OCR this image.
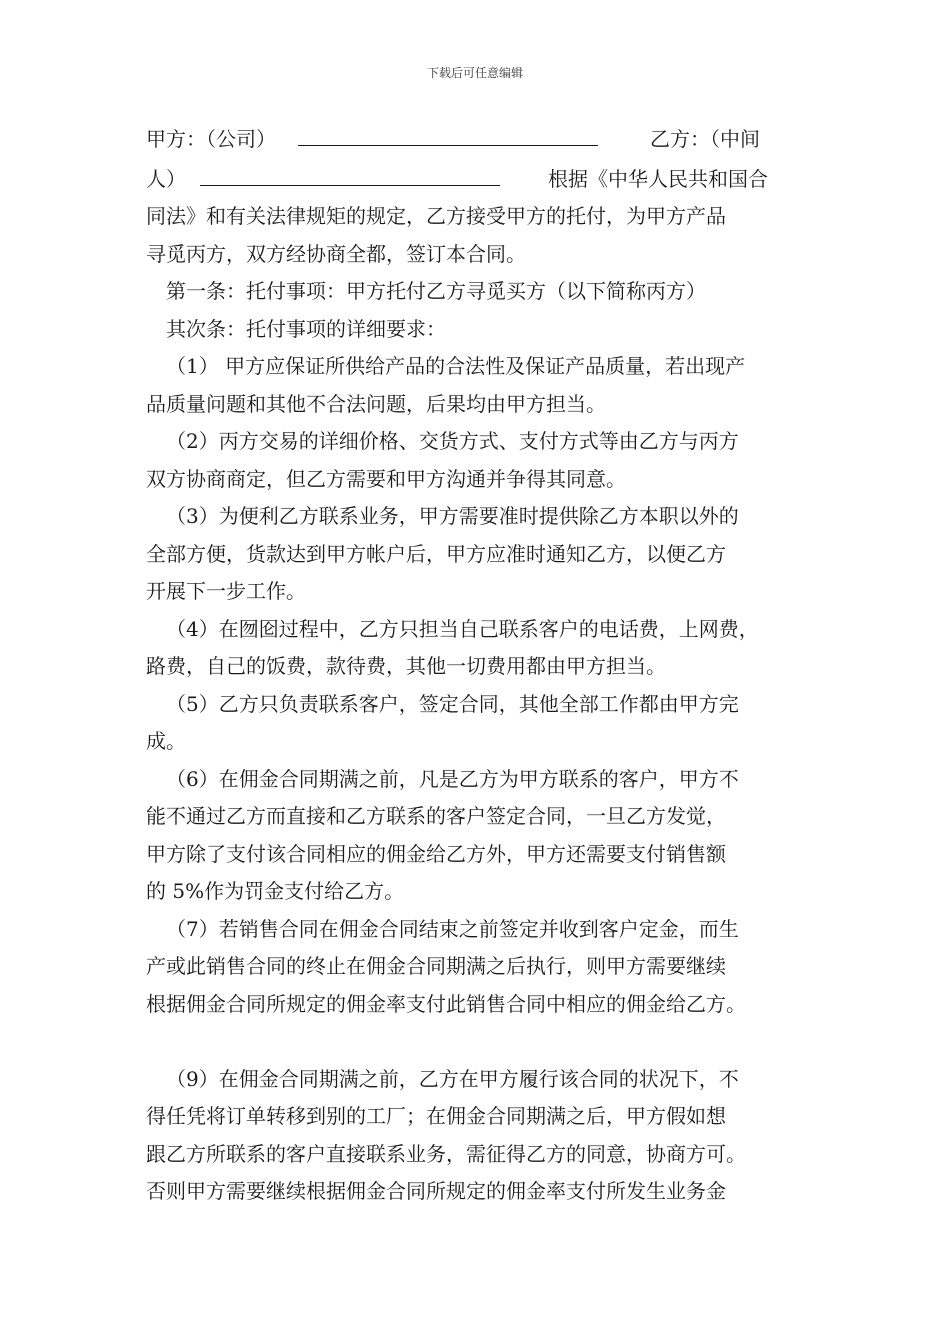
下载后可任意编辑
甲方：（公司）	乙方：（中间
人）	根据《中华人民共和国合
同法》和有关法律规矩的规定，乙方接受甲方的托付，为甲方产品
寻觅丙方，双方经协商全都，签订本合同。
第一条：托付事项：甲方托付乙方寻觅买方（以下简称丙方）
其次条：托付事项的详细要求：
（1） 甲方应保证所供给产品的合法性及保证产品质量，若出现产
品质量问题和其他不合法问题，后果均由甲方担当。
（2）丙方交易的详细价格、交货方式、支付方式等由乙方与丙方
双方协商商定，但乙方需要和甲方沟通并争得其同意。
（3）为便利乙方联系业务，甲方需要准时提供除乙方本职以外的
全部方便，货款达到甲方帐户后，甲方应准时通知乙方，以便乙方
开展下一步工作。
（4）在囫囵过程中，乙方只担当自己联系客户的电话费，上网费，
路费，自己的饭费，款待费，其他一切费用都由甲方担当。
（5）乙方只负责联系客户，签定合同，其他全部工作都由甲方完
成。
（6）在佣金合同期满之前，凡是乙方为甲方联系的客户，甲方不
能不通过乙方而直接和乙方联系的客户签定合同，一旦乙方发觉，
甲方除了支付该合同相应的佣金给乙方外，甲方还需要支付销售额
的 5%作为罚金支付给乙方。
（7）若销售合同在佣金合同结束之前签定并收到客户定金，而生
产或此销售合同的终止在佣金合同期满之后执行，则甲方需要继续
根据佣金合同所规定的佣金率支付此销售合同中相应的佣金给乙方。
（9）在佣金合同期满之前，乙方在甲方履行该合同的状况下，不
得任凭将订单转移到别的工厂；在佣金合同期满之后，甲方假如想
跟乙方所联系的客户直接联系业务，需征得乙方的同意，协商方可。
否则甲方需要继续根据佣金合同所规定的佣金率支付所发生业务金
